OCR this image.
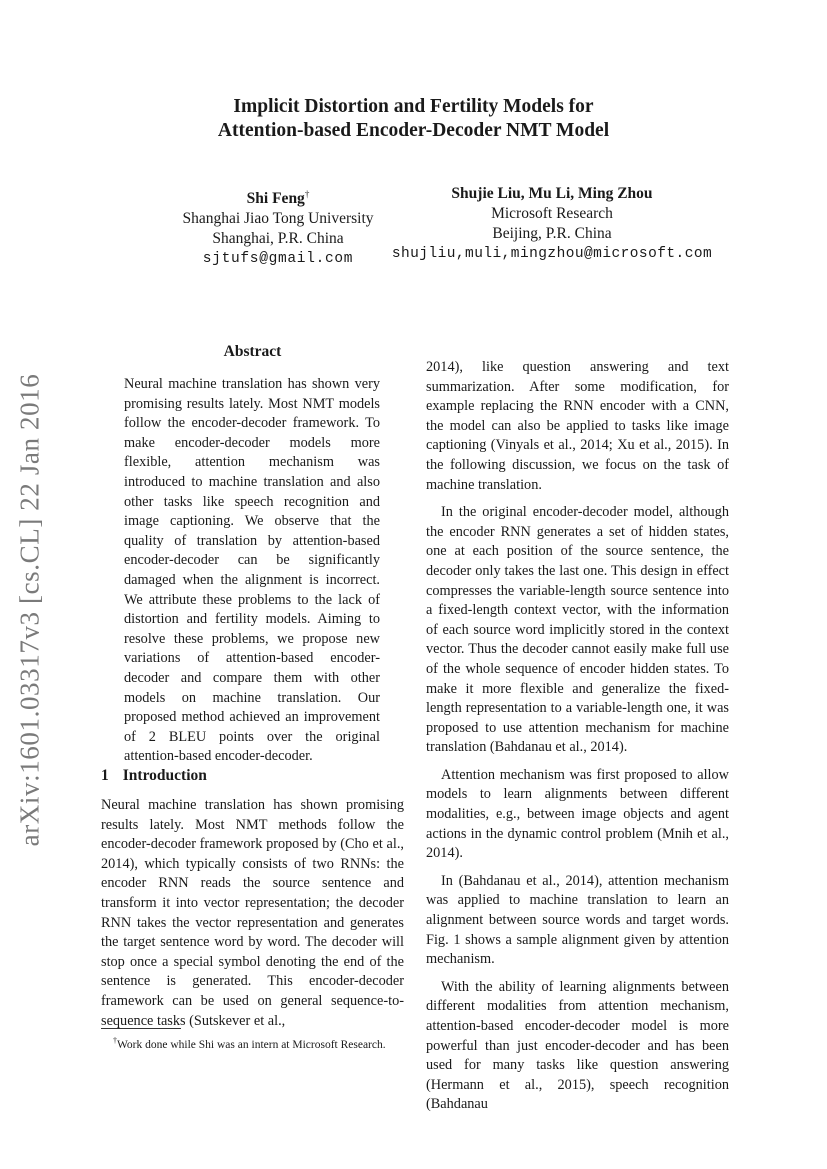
Implicit Distortion and Fertility Models for
Attention-based Encoder-Decoder NMT Model
Shi Feng†
Shanghai Jiao Tong University
Shanghai, P.R. China
sjtufs@gmail.com
Shujie Liu, Mu Li, Ming Zhou
Microsoft Research
Beijing, P.R. China
shujliu,muli,mingzhou@microsoft.com
arXiv:1601.03317v3 [cs.CL] 22 Jan 2016
Abstract
Neural machine translation has shown very promising results lately. Most NMT models follow the encoder-decoder framework. To make encoder-decoder models more flexible, attention mechanism was introduced to machine translation and also other tasks like speech recognition and image captioning. We observe that the quality of translation by attention-based encoder-decoder can be significantly damaged when the alignment is incorrect. We attribute these problems to the lack of distortion and fertility models. Aiming to resolve these problems, we propose new variations of attention-based encoder-decoder and compare them with other models on machine translation. Our proposed method achieved an improvement of 2 BLEU points over the original attention-based encoder-decoder.
1 Introduction

Neural machine translation has shown promising results lately. Most NMT methods follow the encoder-decoder framework proposed by (Cho et al., 2014), which typically consists of two RNNs: the encoder RNN reads the source sentence and transform it into vector representation; the decoder RNN takes the vector representation and generates the target sentence word by word. The decoder will stop once a special symbol denoting the end of the sentence is generated. This encoder-decoder framework can be used on general sequence-to-sequence tasks (Sutskever et al.,

†Work done while Shi was an intern at Microsoft Research.

2014), like question answering and text summarization. After some modification, for example replacing the RNN encoder with a CNN, the model can also be applied to tasks like image captioning (Vinyals et al., 2014; Xu et al., 2015). In the following discussion, we focus on the task of machine translation.

In the original encoder-decoder model, although the encoder RNN generates a set of hidden states, one at each position of the source sentence, the decoder only takes the last one. This design in effect compresses the variable-length source sentence into a fixed-length context vector, with the information of each source word implicitly stored in the context vector. Thus the decoder cannot easily make full use of the whole sequence of encoder hidden states. To make it more flexible and generalize the fixed-length representation to a variable-length one, it was proposed to use attention mechanism for machine translation (Bahdanau et al., 2014).

Attention mechanism was first proposed to allow models to learn alignments between different modalities, e.g., between image objects and agent actions in the dynamic control problem (Mnih et al., 2014).

In (Bahdanau et al., 2014), attention mechanism was applied to machine translation to learn an alignment between source words and target words. Fig. 1 shows a sample alignment given by attention mechanism.

With the ability of learning alignments between different modalities from attention mechanism, attention-based encoder-decoder model is more powerful than just encoder-decoder and has been used for many tasks like question answering (Hermann et al., 2015), speech recognition (Bahdanau
